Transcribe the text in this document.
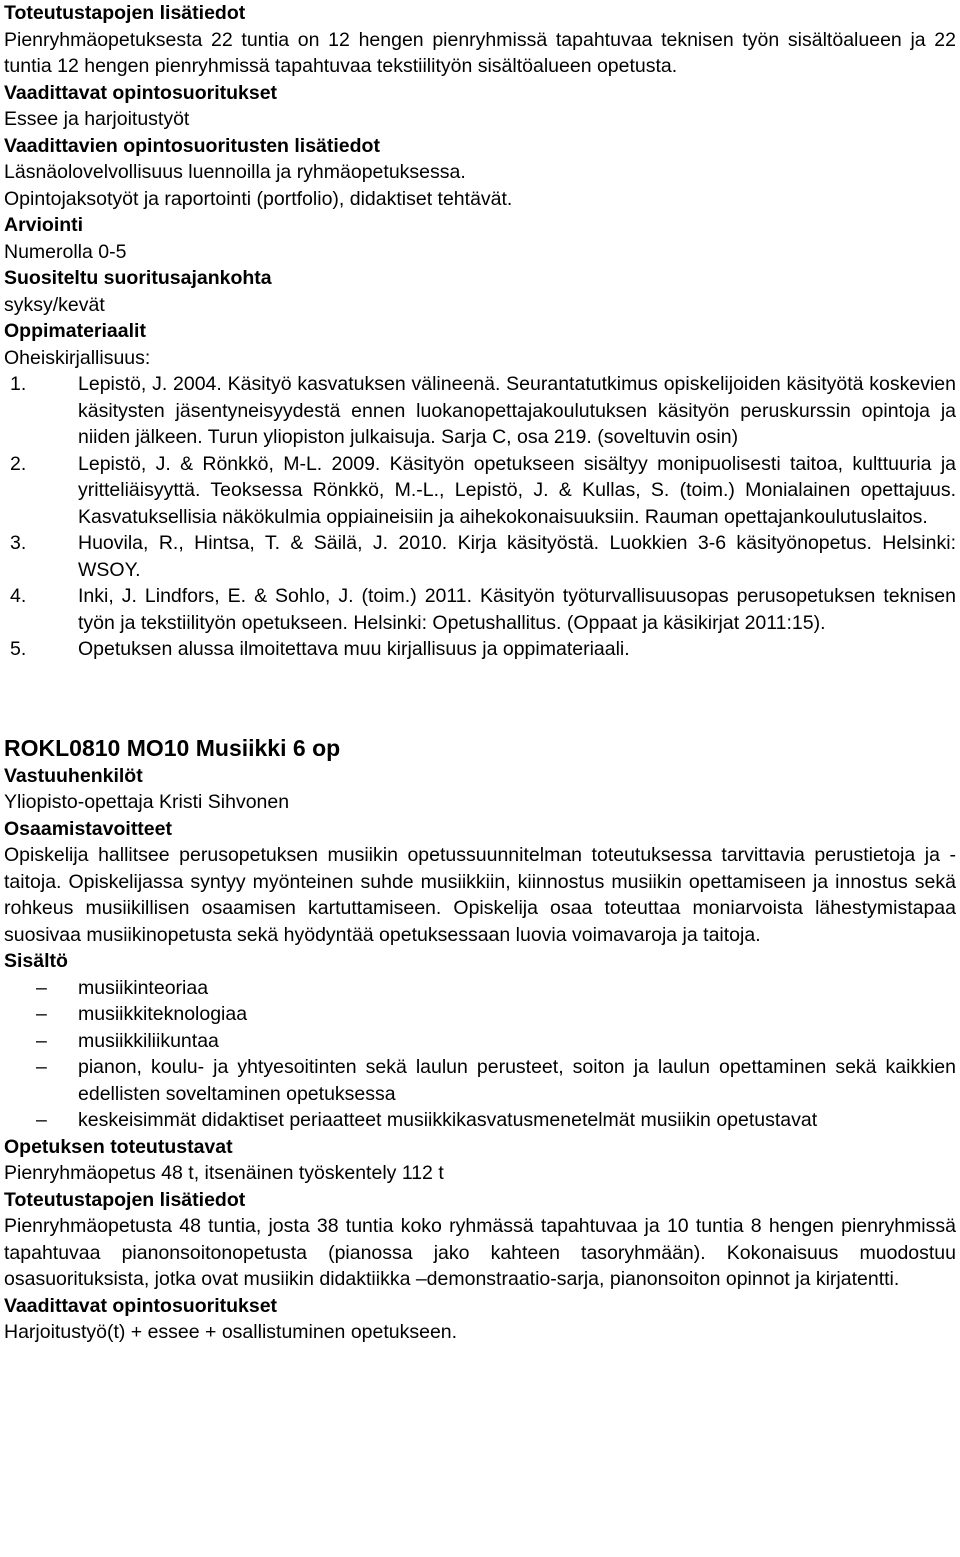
Toteutustapojen lisätiedot

Pienryhmäopetuksesta 22 tuntia on 12 hengen pienryhmissä tapahtuvaa teknisen työn sisältöalueen ja 22 tuntia 12 hengen pienryhmissä tapahtuvaa tekstiilityön sisältöalueen opetusta.

Vaadittavat opintosuoritukset

Essee ja harjoitustyöt

Vaadittavien opintosuoritusten lisätiedot

Läsnäolovelvollisuus luennoilla ja ryhmäopetuksessa.

Opintojaksotyöt ja raportointi (portfolio), didaktiset tehtävät.

Arviointi

Numerolla 0-5

Suositeltu suoritusajankohta

syksy/kevät

Oppimateriaalit

Oheiskirjallisuus:

1.	Lepistö, J. 2004. Käsityö kasvatuksen välineenä. Seurantatutkimus opiskelijoiden käsityötä koskevien käsitysten jäsentyneisyydestä ennen luokanopettajakoulutuksen käsityön peruskurssin opintoja ja niiden jälkeen. Turun yliopiston julkaisuja. Sarja C, osa 219. (soveltuvin osin)
2.	Lepistö, J. & Rönkkö, M-L. 2009. Käsityön opetukseen sisältyy monipuolisesti taitoa, kulttuuria ja yritteliäisyyttä. Teoksessa Rönkkö, M.-L., Lepistö, J. & Kullas, S. (toim.) Monialainen opettajuus. Kasvatuksellisia näkökulmia oppiaineisiin ja aihekokonaisuuksiin. Rauman opettajankoulutuslaitos.
3.	Huovila, R., Hintsa, T. & Säilä, J. 2010. Kirja käsityöstä. Luokkien 3-6 käsityönopetus. Helsinki: WSOY.
4.	Inki, J. Lindfors, E. & Sohlo, J. (toim.) 2011. Käsityön työturvallisuusopas perusopetuksen teknisen työn ja tekstiilityön opetukseen. Helsinki: Opetushallitus. (Oppaat ja käsikirjat 2011:15).
5.	Opetuksen alussa ilmoitettava muu kirjallisuus ja oppimateriaali.
ROKL0810 MO10 Musiikki 6 op
Vastuuhenkilöt

Yliopisto-opettaja Kristi Sihvonen

Osaamistavoitteet

Opiskelija hallitsee perusopetuksen musiikin opetussuunnitelman toteutuksessa tarvittavia perustietoja ja -taitoja. Opiskelijassa syntyy myönteinen suhde musiikkiin, kiinnostus musiikin opettamiseen ja innostus sekä rohkeus musiikillisen osaamisen kartuttamiseen. Opiskelija osaa toteuttaa moniarvoista lähestymistapaa suosivaa musiikinopetusta sekä hyödyntää opetuksessaan luovia voimavaroja ja taitoja.

Sisältö
– musiikinteoriaa
– musiikkiteknologiaa
– musiikkiliikuntaa
– pianon, koulu- ja yhtyesoitinten sekä laulun perusteet, soiton ja laulun opettaminen sekä kaikkien edellisten soveltaminen opetuksessa
– keskeisimmät didaktiset periaatteet musiikkikasvatusmenetelmät musiikin opetustavat
Opetuksen toteutustavat

Pienryhmäopetus 48 t, itsenäinen työskentely 112 t

Toteutustapojen lisätiedot

Pienryhmäopetusta 48 tuntia, josta 38 tuntia koko ryhmässä tapahtuvaa ja 10 tuntia 8 hengen pienryhmissä tapahtuvaa pianonsoitonopetusta (pianossa jako kahteen tasoryhmään). Kokonaisuus muodostuu osasuorituksista, jotka ovat musiikin didaktiikka –demonstraatio-sarja, pianonsoiton opinnot ja kirjatentti.

Vaadittavat opintosuoritukset

Harjoitustyö(t) + essee + osallistuminen opetukseen.
